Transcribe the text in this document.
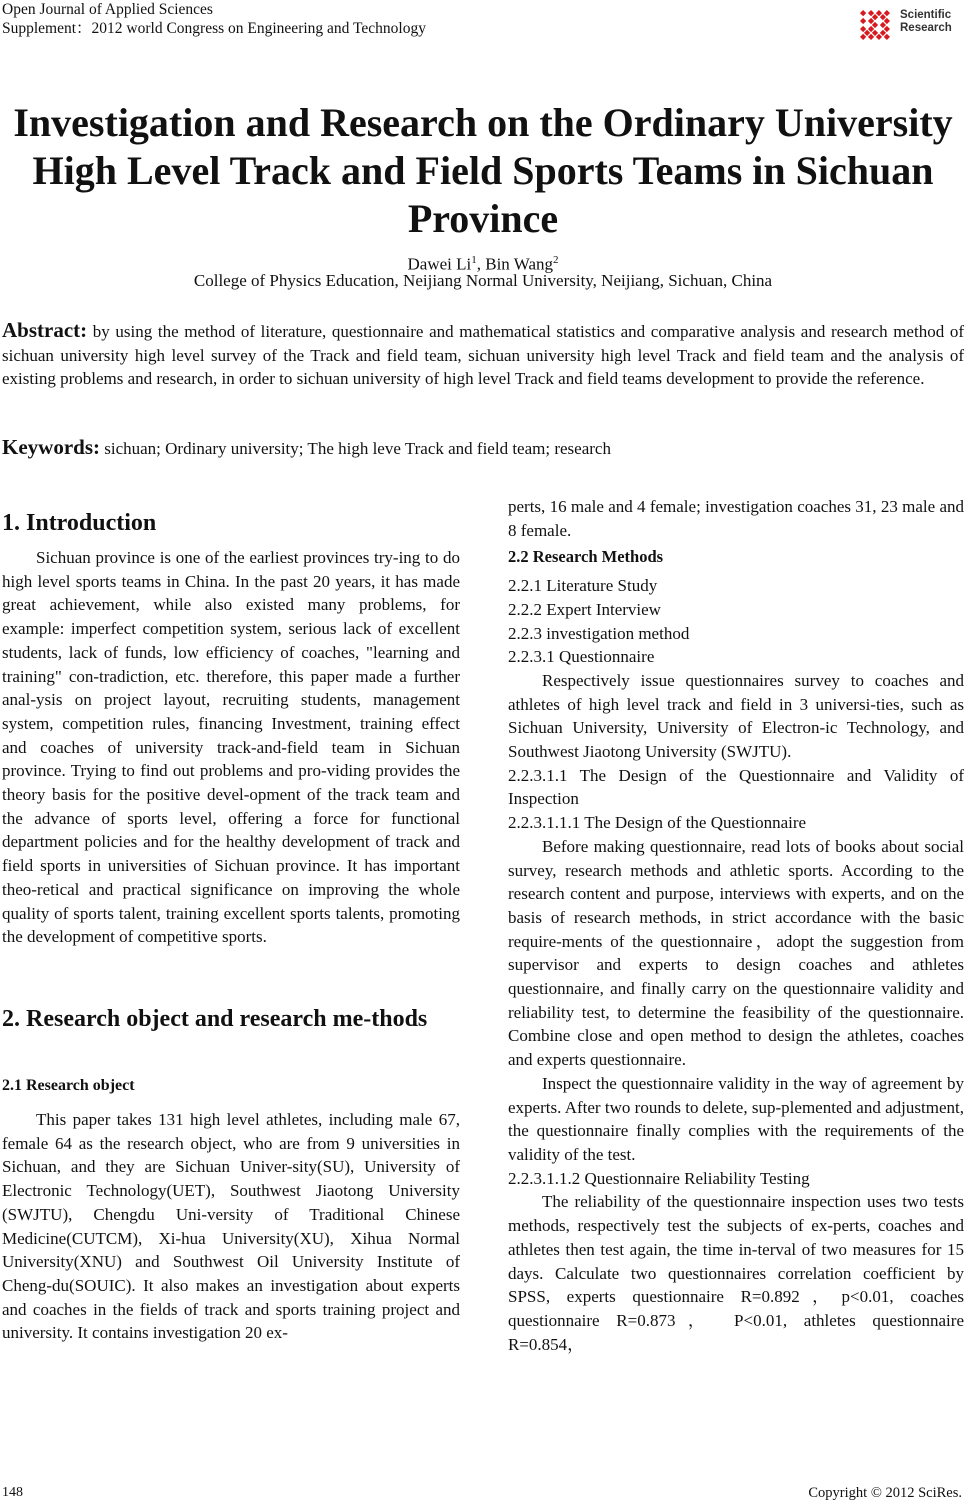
Open Journal of Applied Sciences
Supplement：2012 world Congress on Engineering and Technology
Scientific
Research
Investigation and Research on the Ordinary University High Level Track and Field Sports Teams in Sichuan Province
Dawei Li$^1$, Bin Wang$^2$
College of Physics Education, Neijiang Normal University, Neijiang, Sichuan, China
Abstract: by using the method of literature, questionnaire and mathematical statistics and comparative analysis and research method of sichuan university high level survey of the Track and field team, sichuan university high level Track and field team and the analysis of existing problems and research, in order to sichuan university of high level Track and field teams development to provide the reference.
Keywords: sichuan; Ordinary university; The high leve Track and field team; research
1. Introduction

Sichuan province is one of the earliest provinces try-ing to do high level sports teams in China. In the past 20 years, it has made great achievement, while also existed many problems, for example: imperfect competition system, serious lack of excellent students, lack of funds, low efficiency of coaches, "learning and training" con-tradiction, etc. therefore, this paper made a further anal-ysis on project layout, recruiting students, management system, competition rules, financing Investment, training effect and coaches of university track-and-field team in Sichuan province. Trying to find out problems and pro-viding provides the theory basis for the positive devel-opment of the track team and the advance of sports level, offering a force for functional department policies and for the healthy development of track and field sports in universities of Sichuan province. It has important theo-retical and practical significance on improving the whole quality of sports talent, training excellent sports talents, promoting the development of competitive sports.

2. Research object and research me-thods
2.1 Research object

This paper takes 131 high level athletes, including male 67, female 64 as the research object, who are from 9 universities in Sichuan, and they are Sichuan Univer-sity(SU), University of Electronic Technology(UET), Southwest Jiaotong University (SWJTU), Chengdu Uni-versity of Traditional Chinese Medicine(CUTCM), Xi-hua University(XU), Xihua Normal University(XNU) and Southwest Oil University Institute of Cheng-du(SOUIC). It also makes an investigation about experts and coaches in the fields of track and sports training project and university. It contains investigation 20 ex-

perts, 16 male and 4 female; investigation coaches 31, 23 male and 8 female.

2.2 Research Methods

2.2.1 Literature Study

2.2.2 Expert Interview

2.2.3 investigation method

2.2.3.1 Questionnaire

Respectively issue questionnaires survey to coaches and athletes of high level track and field in 3 universi-ties, such as Sichuan University, University of Electron-ic Technology, and Southwest Jiaotong University (SWJTU).

2.2.3.1.1 The Design of the Questionnaire and Validity of Inspection

2.2.3.1.1.1 The Design of the Questionnaire

Before making questionnaire, read lots of books about social survey, research methods and athletic sports. According to the research content and purpose, interviews with experts, and on the basis of research methods, in strict accordance with the basic require-ments of the questionnaire，adopt the suggestion from supervisor and experts to design coaches and athletes questionnaire, and finally carry on the questionnaire validity and reliability test, to determine the feasibility of the questionnaire. Combine close and open method to design the athletes, coaches and experts questionnaire.

Inspect the questionnaire validity in the way of agreement by experts. After two rounds to delete, sup-plemented and adjustment, the questionnaire finally complies with the requirements of the validity of the test.

2.2.3.1.1.2 Questionnaire Reliability Testing

The reliability of the questionnaire inspection uses two tests methods, respectively test the subjects of ex-perts, coaches and athletes then test again, the time in-terval of two measures for 15 days. Calculate two questionnaires correlation coefficient by SPSS, experts questionnaire R=0.892，p<0.01, coaches questionnaire R=0.873， P<0.01, athletes questionnaire R=0.854，

148	Copyright © 2012 SciRes.
